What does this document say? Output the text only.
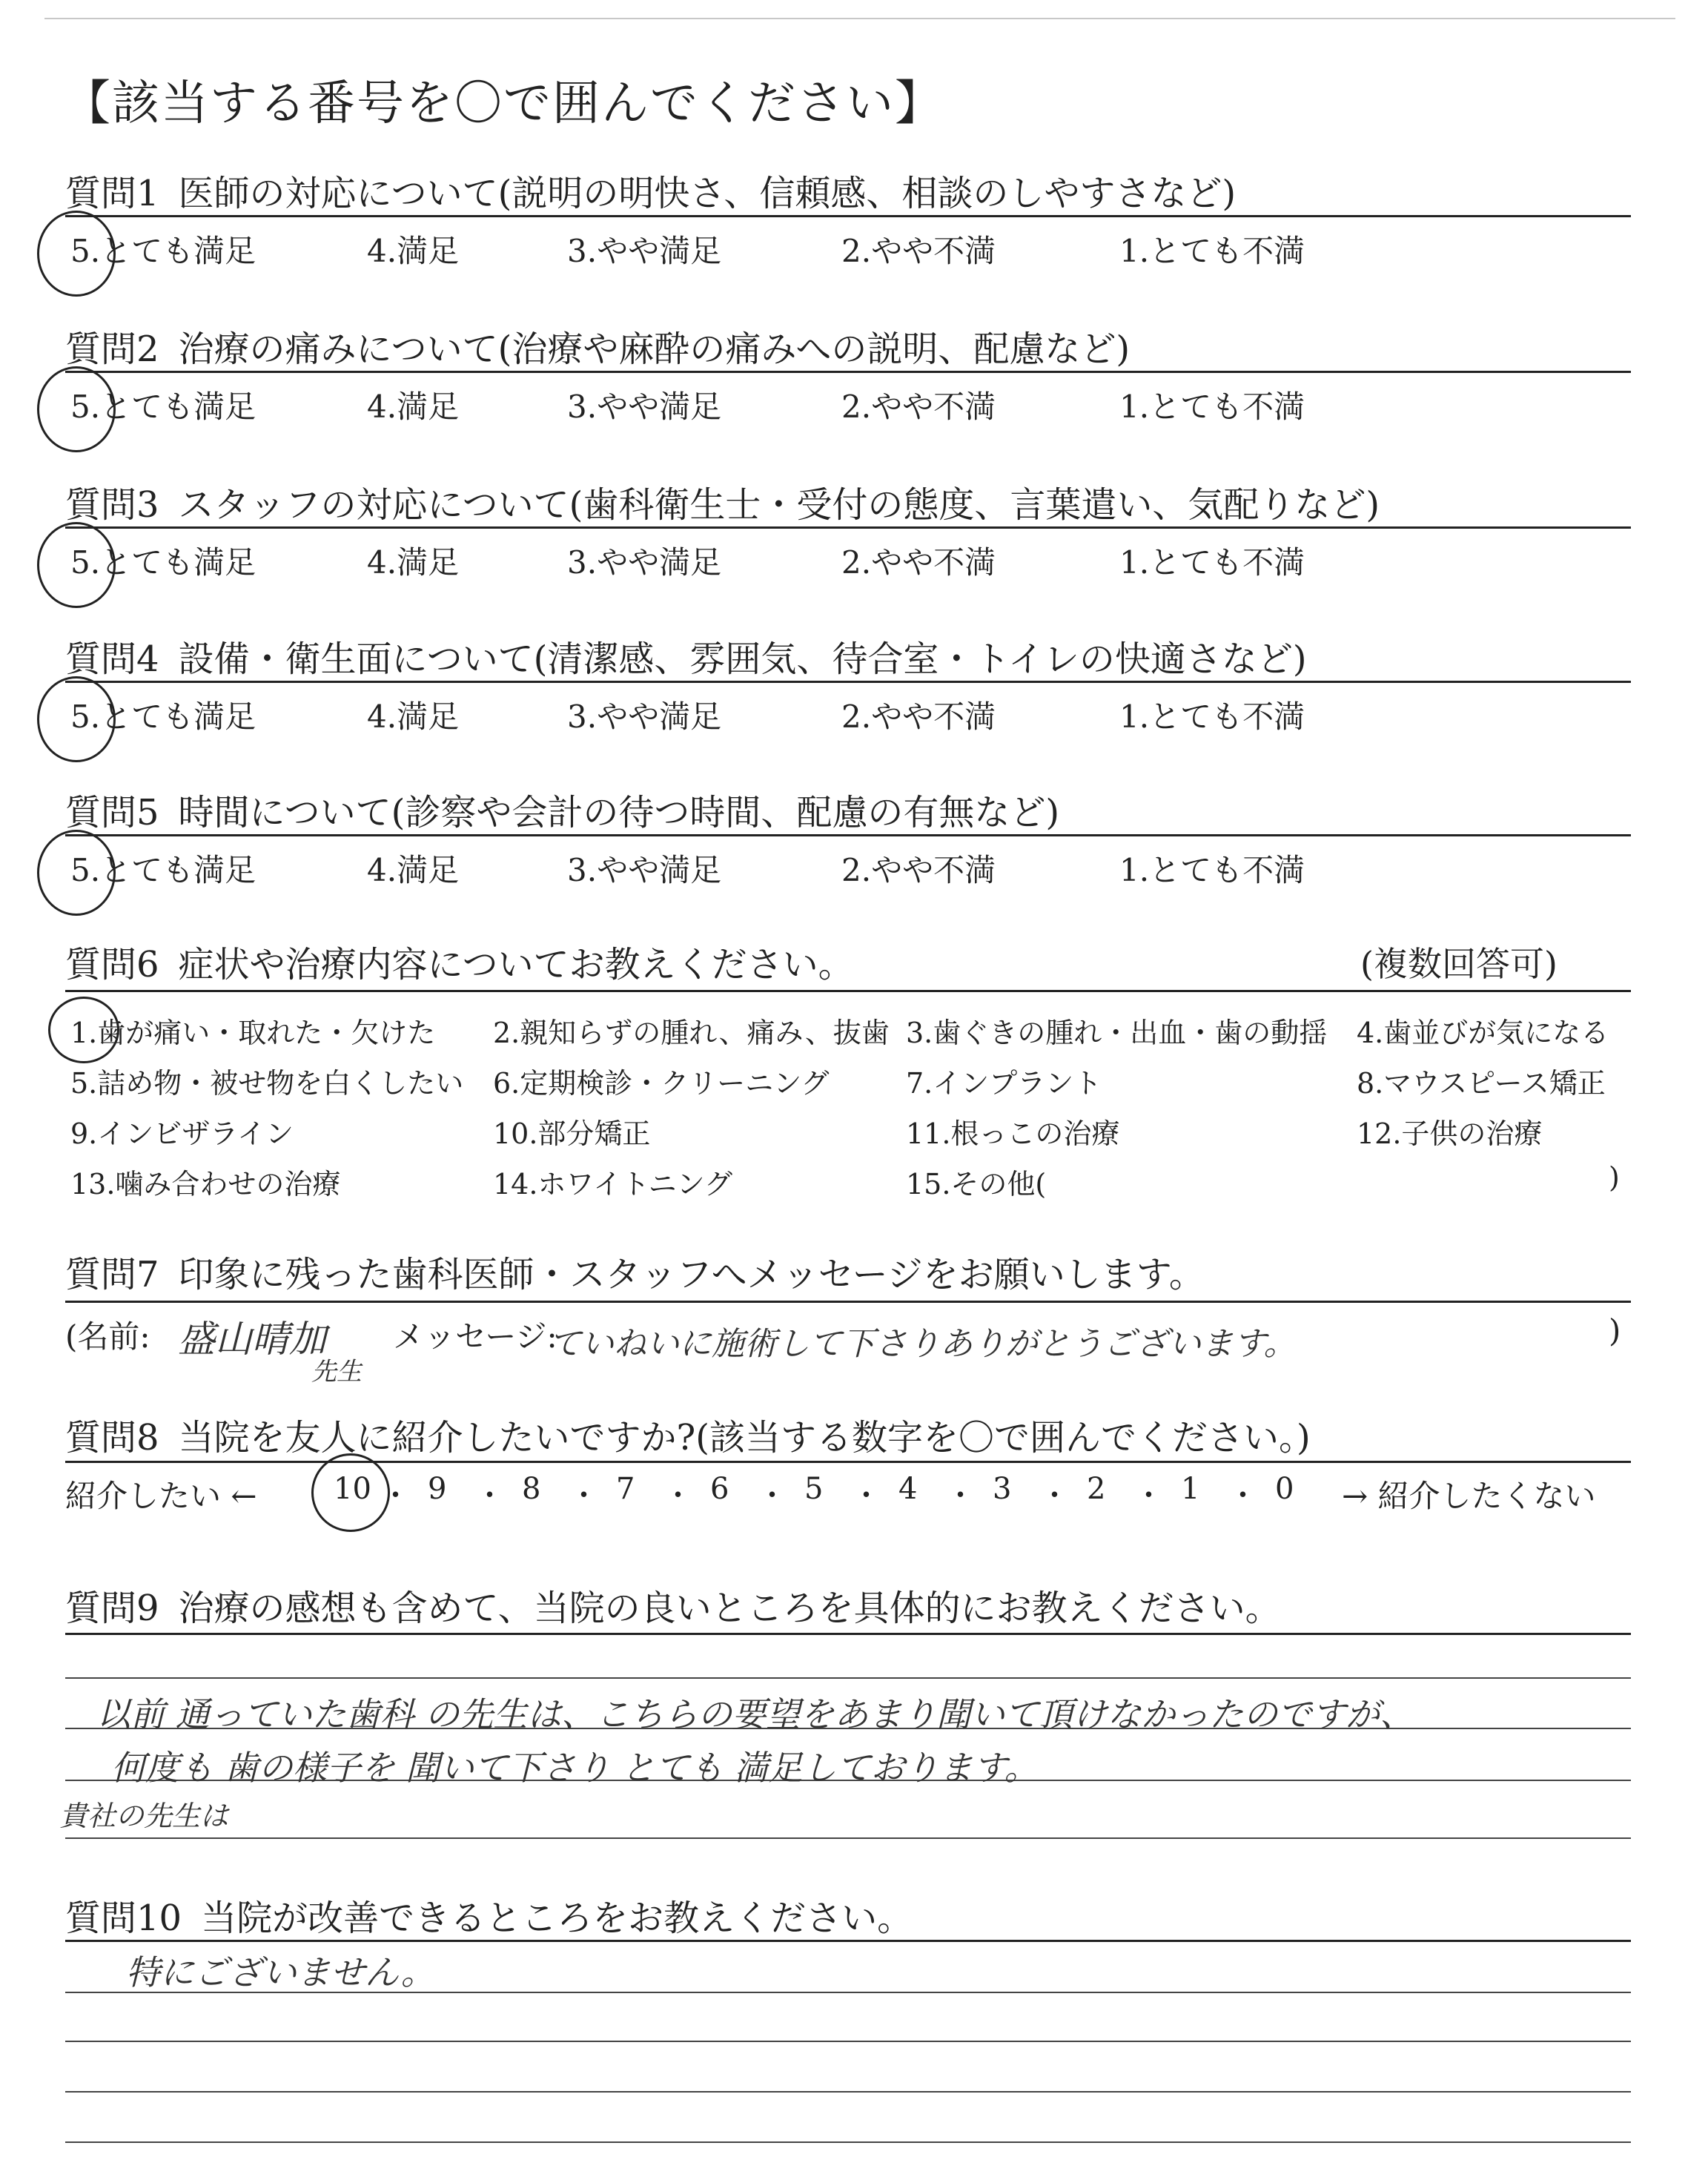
【該当する番号を〇で囲んでください】
質問1 医師の対応について(説明の明快さ、信頼感、相談のしやすさなど)
5.とても満足	4.満足	3.やや満足	2.やや不満	1.とても不満
質問2 治療の痛みについて(治療や麻酔の痛みへの説明、配慮など)
5.とても満足	4.満足	3.やや満足	2.やや不満	1.とても不満
質問3 スタッフの対応について(歯科衛生士・受付の態度、言葉遣い、気配りなど)
5.とても満足	4.満足	3.やや満足	2.やや不満	1.とても不満
質問4 設備・衛生面について(清潔感、雰囲気、待合室・トイレの快適さなど)
5.とても満足	4.満足	3.やや満足	2.やや不満	1.とても不満
質問5 時間について(診察や会計の待つ時間、配慮の有無など)
5.とても満足	4.満足	3.やや満足	2.やや不満	1.とても不満
質問6 症状や治療内容についてお教えください。	(複数回答可)
1.歯が痛い・取れた・欠けた 2.親知らずの腫れ、痛み、抜歯 3.歯ぐきの腫れ・出血・歯の動揺 4.歯並びが気になる
5.詰め物・被せ物を白くしたい 6.定期検診・クリーニング	7.インプラント	8.マウスピース矯正
9.インビザライン	10.部分矯正	11.根っこの治療	12.子供の治療
13.噛み合わせの治療	14.ホワイトニング	15.その他(	)
質問7 印象に残った歯科医師・スタッフへメッセージをお願いします。
(名前: 盛山晴加
先生
メッセージ:
ていねいに施術して下さりありがとうございます。	)
質問8 当院を友人に紹介したいですか?(該当する数字を〇で囲んでください。)
紹介したい ←	→ 紹介したくない
10 ・ 9 ・ 8 ・ 7 ・ 6 ・ 5 ・ 4 ・ 3 ・ 2 ・ 1 ・ 0
質問9 治療の感想も含めて、当院の良いところを具体的にお教えください。
以前 通っていた歯科 の先生は、こちらの要望をあまり聞いて頂けなかったのですが、
何度も 歯の様子を 聞いて下さり とても 満足しております。
貴社の先生は
質問10 当院が改善できるところをお教えください。
特にございません。
